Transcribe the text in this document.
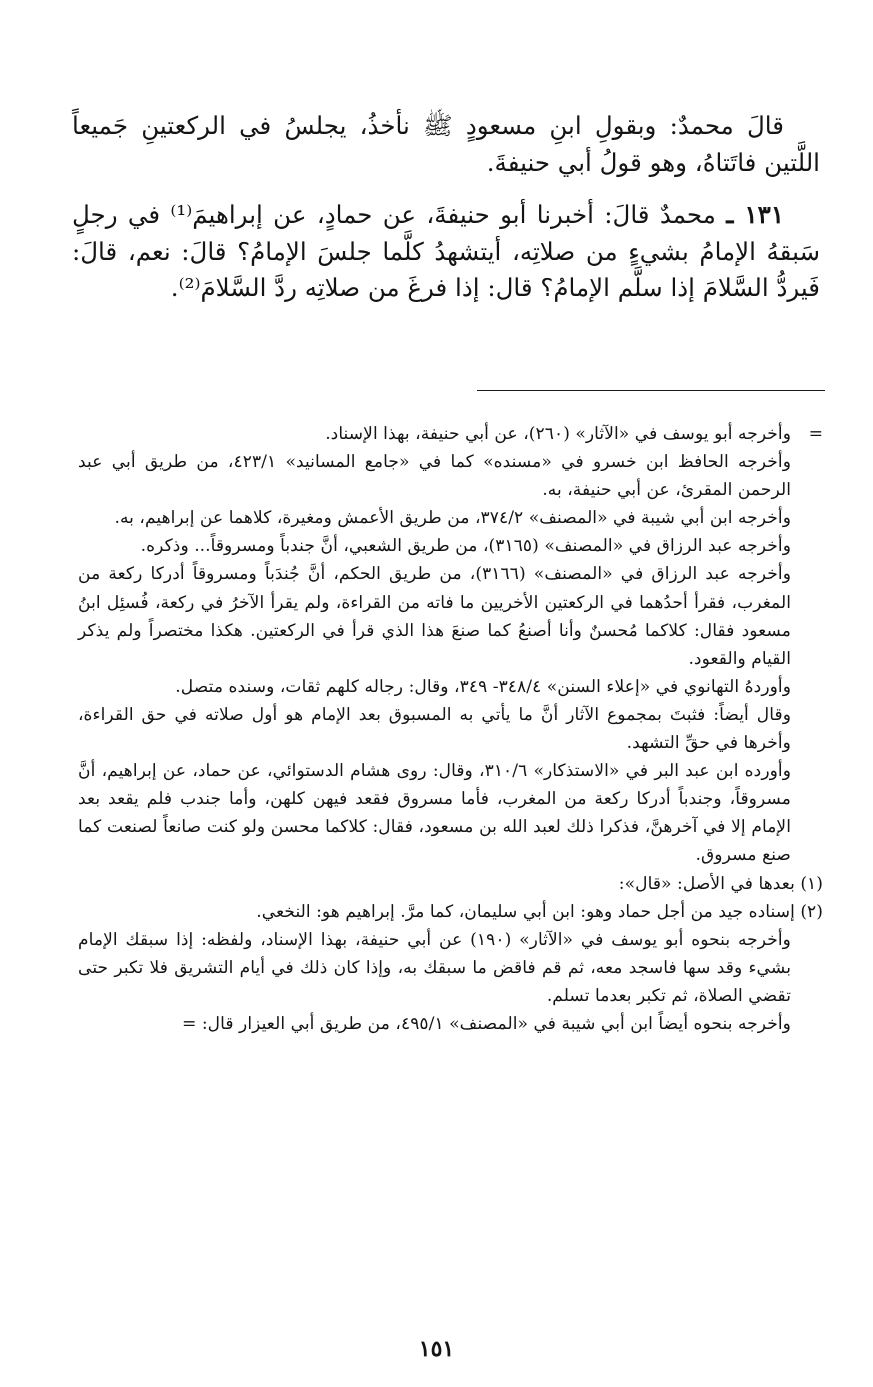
قالَ محمدٌ: وبقولِ ابنِ مسعودٍ ﷺ نأخذُ، يجلسُ في الركعتينِ جَميعاً اللَّتين فاتَتاهُ، وهو قولُ أبي حنيفةَ.

١٣١ ـ محمدٌ قالَ: أخبرنا أبو حنيفةَ، عن حمادٍ، عن إبراهيمَ⁽¹⁾ في رجلٍ سَبقهُ الإمامُ بشيءٍ من صلاتِه، أيتشهدُ كلَّما جلسَ الإمامُ؟ قالَ: نعم، قالَ: فَيردُّ السَّلامَ إذا سلَّم الإمامُ؟ قال: إذا فرغَ من صلاتِه ردَّ السَّلامَ⁽²⁾.

=
وأخرجه أبو يوسف في «الآثار» (٢٦٠)، عن أبي حنيفة، بهذا الإسناد.

وأخرجه الحافظ ابن خسرو في «مسنده» كما في «جامع المسانيد» ٤٢٣/١، من طريق أبي عبد الرحمن المقرئ، عن أبي حنيفة، به.

وأخرجه ابن أبي شيبة في «المصنف» ٣٧٤/٢، من طريق الأعمش ومغيرة، كلاهما عن إبراهيم، به.

وأخرجه عبد الرزاق في «المصنف» (٣١٦٥)، من طريق الشعبي، أنَّ جندباً ومسروقاً... وذكره.

وأخرجه عبد الرزاق في «المصنف» (٣١٦٦)، من طريق الحكم، أنَّ جُندَباً ومسروقاً أدركا ركعة من المغرب، فقرأ أحدُهما في الركعتين الأخريين ما فاته من القراءة، ولم يقرأ الآخرُ في ركعة، فُسئِل ابنُ مسعود فقال: كلاكما مُحسنٌ وأنا أصنعُ كما صنعَ هذا الذي قرأ في الركعتين. هكذا مختصراً ولم يذكر القيام والقعود.

وأوردهُ التهانوي في «إعلاء السنن» ٣٤٨/٤- ٣٤٩، وقال: رجاله كلهم ثقات، وسنده متصل.

وقال أيضاً: فثبتَ بمجموع الآثار أنَّ ما يأتي به المسبوق بعد الإمام هو أول صلاته في حق القراءة، وأخرها في حقِّ التشهد.

وأورده ابن عبد البر في «الاستذكار» ٣١٠/٦، وقال: روى هشام الدستوائي، عن حماد، عن إبراهيم، أنَّ مسروقاً، وجندباً أدركا ركعة من المغرب، فأما مسروق فقعد فيهن كلهن، وأما جندب فلم يقعد بعد الإمام إلا في آخرهنَّ، فذكرا ذلك لعبد الله بن مسعود، فقال: كلاكما محسن ولو كنت صانعاً لصنعت كما صنع مسروق.

(١) بعدها في الأصل: «قال»:

(٢) إسناده جيد من أجل حماد وهو: ابن أبي سليمان، كما مرَّ. إبراهيم هو: النخعي.

وأخرجه بنحوه أبو يوسف في «الآثار» (١٩٠) عن أبي حنيفة، بهذا الإسناد، ولفظه: إذا سبقك الإمام بشيء وقد سها فاسجد معه، ثم قم فاقض ما سبقك به، وإذا كان ذلك في أيام التشريق فلا تكبر حتى تقضي الصلاة، ثم تكبر بعدما تسلم.

وأخرجه بنحوه أيضاً ابن أبي شيبة في «المصنف» ٤٩٥/١، من طريق أبي العيزار قال: =

١٥١
